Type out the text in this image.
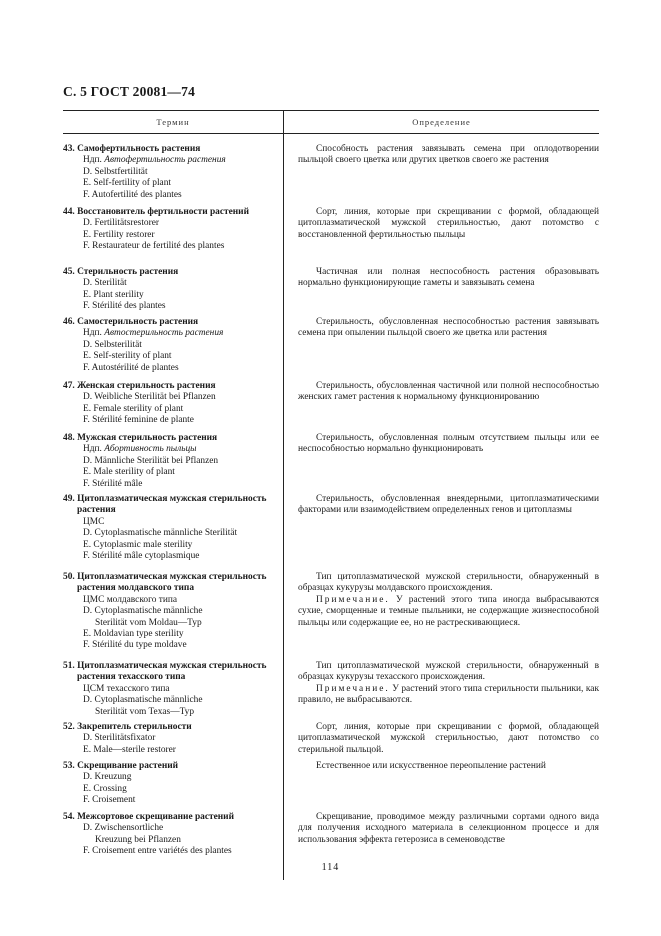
С. 5 ГОСТ 20081—74
Термин	Определение
43. Самофертильность растения
Ндп. Автофертильность растения
D. Selbstfertilität
E. Self-fertility of plant
F. Autofertilité des plantes

Способность растения завязывать семена при оплодотворении пыльцой своего цветка или других цветков своего же растения

44. Восстановитель фертильности растений
D. Fertilitätsrestorer
E. Fertility restorer
F. Restaurateur de fertilité des plantes

Сорт, линия, которые при скрещивании с формой, обладающей цитоплазматической мужской стерильностью, дают потомство с восстановленной фертильностью пыльцы

45. Стерильность растения
D. Sterilität
E. Plant sterility
F. Stérilité des plantes

Частичная или полная неспособность растения образовывать нормально функционирующие гаметы и завязывать семена

46. Самостерильность растения
Ндп. Автостерильность растения
D. Selbsterilität
E. Self-sterility of plant
F. Autostérilité de plantes

Стерильность, обусловленная неспособностью растения завязывать семена при опылении пыльцой своего же цветка или растения

47. Женская стерильность растения
D. Weibliche Sterilität bei Pflanzen
E. Female sterility of plant
F. Stérilité feminine de plante

Стерильность, обусловленная частичной или полной неспособностью женских гамет растения к нормальному функционированию

48. Мужская стерильность растения
Ндп. Абортивность пыльцы
D. Männliche Sterilität bei Pflanzen
E. Male sterility of plant
F. Stérilité mâle

Стерильность, обусловленная полным отсутствием пыльцы или ее неспособностью нормально функционировать

49. Цитоплазматическая мужская стерильность растения
ЦМС
D. Cytoplasmatische männliche Sterilität
E. Cytoplasmic male sterility
F. Stérilité mâle cytoplasmique

Стерильность, обусловленная внеядерными, цитоплазматическими факторами или взаимодействием определенных генов и цитоплазмы

50. Цитоплазматическая мужская стерильность растения молдавского типа
ЦМС молдавского типа
D. Cytoplasmatische männliche
Sterilität vom Moldau—Typ
E. Moldavian type sterility
F. Stérilité du type moldave

Тип цитоплазматической мужской стерильности, обнаруженный в образцах кукурузы молдавского происхождения.

Примечание. У растений этого типа иногда выбрасываются сухие, сморщенные и темные пыльники, не содержащие жизнеспособной пыльцы или содержащие ее, но не растрескивающиеся.

51. Цитоплазматическая мужская стерильность растения техасского типа
ЦСМ техасского типа
D. Cytoplasmatische männliche
Sterilität vom Texas—Typ

Тип цитоплазматической мужской стерильности, обнаруженный в образцах кукурузы техасского происхождения.

Примечание. У растений этого типа стерильности пыльники, как правило, не выбрасываются.

52. Закрепитель стерильности
D. Sterilitätsfixator
E. Male—sterile restorer

Сорт, линия, которые при скрещивании с формой, обладающей цитоплазматической мужской стерильностью, дают потомство со стерильной пыльцой.

53. Скрещивание растений
D. Kreuzung
E. Crossing
F. Croisement

Естественное или искусственное переопыление растений

54. Межсортовое скрещивание растений
D. Zwischensortliche
Kreuzung bei Pflanzen
F. Croisement entre variétés des plantes

Скрещивание, проводимое между различными сортами одного вида для получения исходного материала в селекционном процессе и для использования эффекта гетерозиса в семеноводстве

114
